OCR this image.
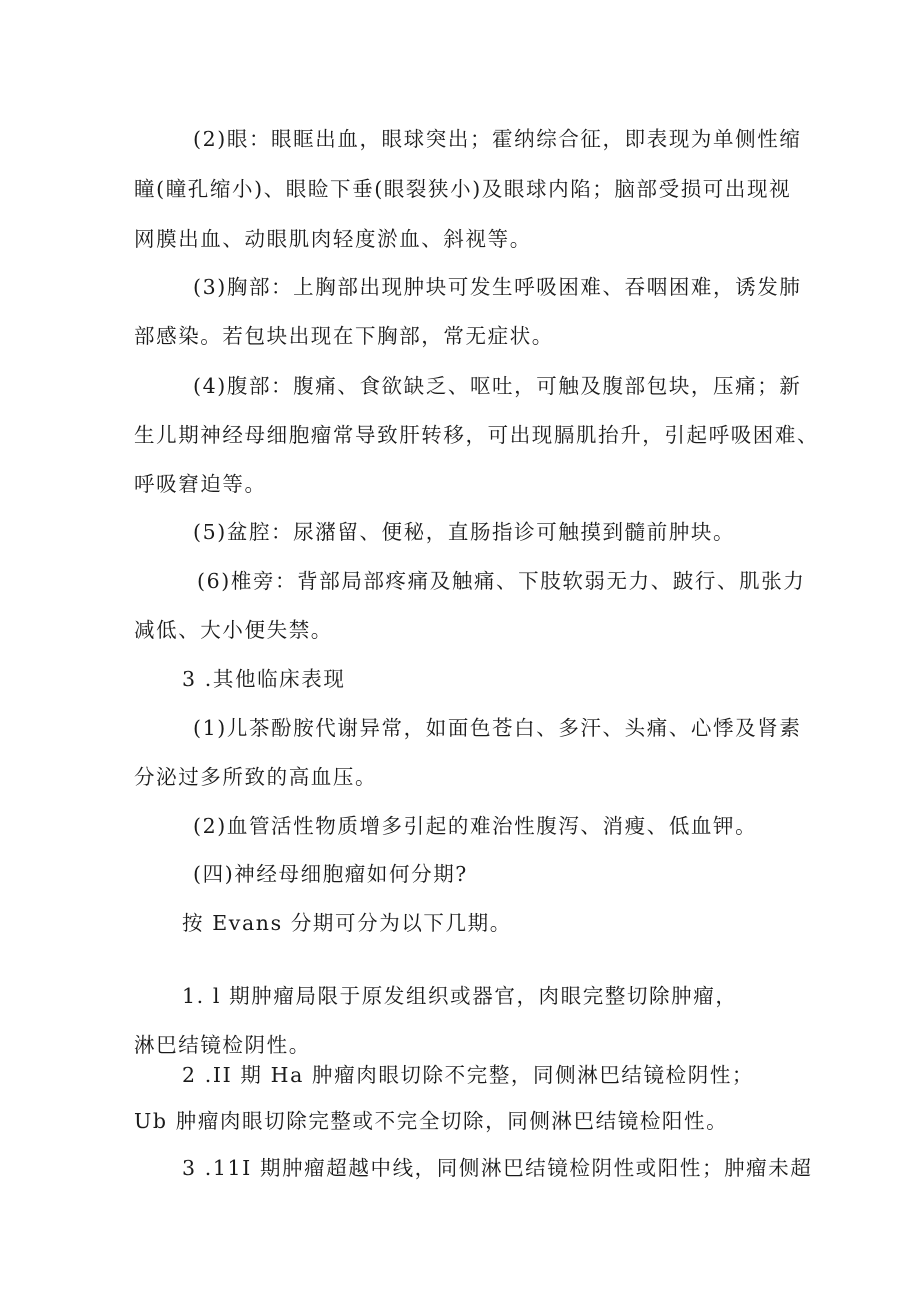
(2)眼：眼眶出血，眼球突出；霍纳综合征，即表现为单侧性缩
瞳(瞳孔缩小)、眼睑下垂(眼裂狭小)及眼球内陷；脑部受损可出现视
网膜出血、动眼肌肉轻度淤血、斜视等。
(3)胸部：上胸部出现肿块可发生呼吸困难、吞咽困难，诱发肺
部感染。若包块出现在下胸部，常无症状。
(4)腹部：腹痛、食欲缺乏、呕吐，可触及腹部包块，压痛；新
生儿期神经母细胞瘤常导致肝转移，可出现膈肌抬升，引起呼吸困难、
呼吸窘迫等。
(5)盆腔：尿潴留、便秘，直肠指诊可触摸到髓前肿块。
(6)椎旁：背部局部疼痛及触痛、下肢软弱无力、跛行、肌张力
减低、大小便失禁。
3 .其他临床表现
(1)儿茶酚胺代谢异常，如面色苍白、多汗、头痛、心悸及肾素
分泌过多所致的高血压。
(2)血管活性物质增多引起的难治性腹泻、消瘦、低血钾。
(四)神经母细胞瘤如何分期?
按 Evans 分期可分为以下几期。
1. l 期肿瘤局限于原发组织或器官，肉眼完整切除肿瘤，
淋巴结镜检阴性。
2 .II 期 Ha 肿瘤肉眼切除不完整，同侧淋巴结镜检阴性；
Ub 肿瘤肉眼切除完整或不完全切除，同侧淋巴结镜检阳性。
3 .11I 期肿瘤超越中线，同侧淋巴结镜检阴性或阳性；肿瘤未超
